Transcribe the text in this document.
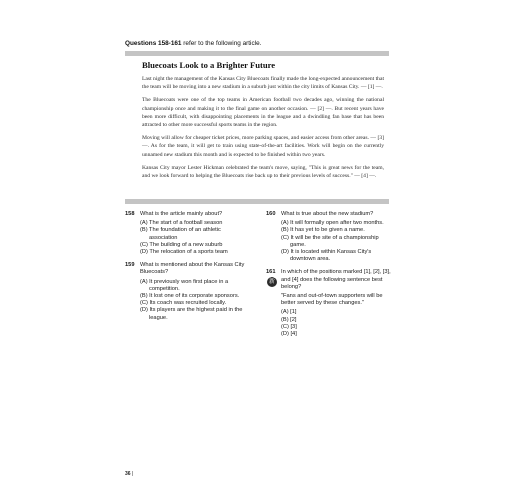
Questions 158-161 refer to the following article.
Bluecoats Look to a Brighter Future

Last night the management of the Kansas City Bluecoats finally made the long-expected announcement that the team will be moving into a new stadium in a suburb just within the city limits of Kansas City. — [1] —.

The Bluecoats were one of the top teams in American football two decades ago, winning the national championship once and making it to the final game on another occasion. — [2] —. But recent years have been more difficult, with disappointing placements in the league and a dwindling fan base that has been attracted to other more successful sports teams in the region.

Moving will allow for cheaper ticket prices, more parking spaces, and easier access from other areas. — [3] —. As for the team, it will get to train using state-of-the-art facilities. Work will begin on the currently unnamed new stadium this month and is expected to be finished within two years.

Kansas City mayor Lester Hickman celebrated the team's move, saying, "This is great news for the team, and we look forward to helping the Bluecoats rise back up to their previous levels of success." — [4] —.

158 What is the article mainly about?
(A) The start of a football season
(B) The foundation of an athletic association
(C) The building of a new suburb
(D) The relocation of a sports team
159 What is mentioned about the Kansas City Bluecoats?
(A) It previously won first place in a competition.
(B) It lost one of its corporate sponsors.
(C) Its coach was recruited locally.
(D) Its players are the highest paid in the league.
160 What is true about the new stadium?
(A) It will formally open after two months.
(B) It has yet to be given a name.
(C) It will be the site of a championship game.
(D) It is located within Kansas City's downtown area.
161
新
In which of the positions marked [1], [2], [3], and [4] does the following sentence best belong?
"Fans and out-of-town supporters will be better served by these changes."
(A) [1]
(B) [2]
(C) [3]
(D) [4]
36 |
